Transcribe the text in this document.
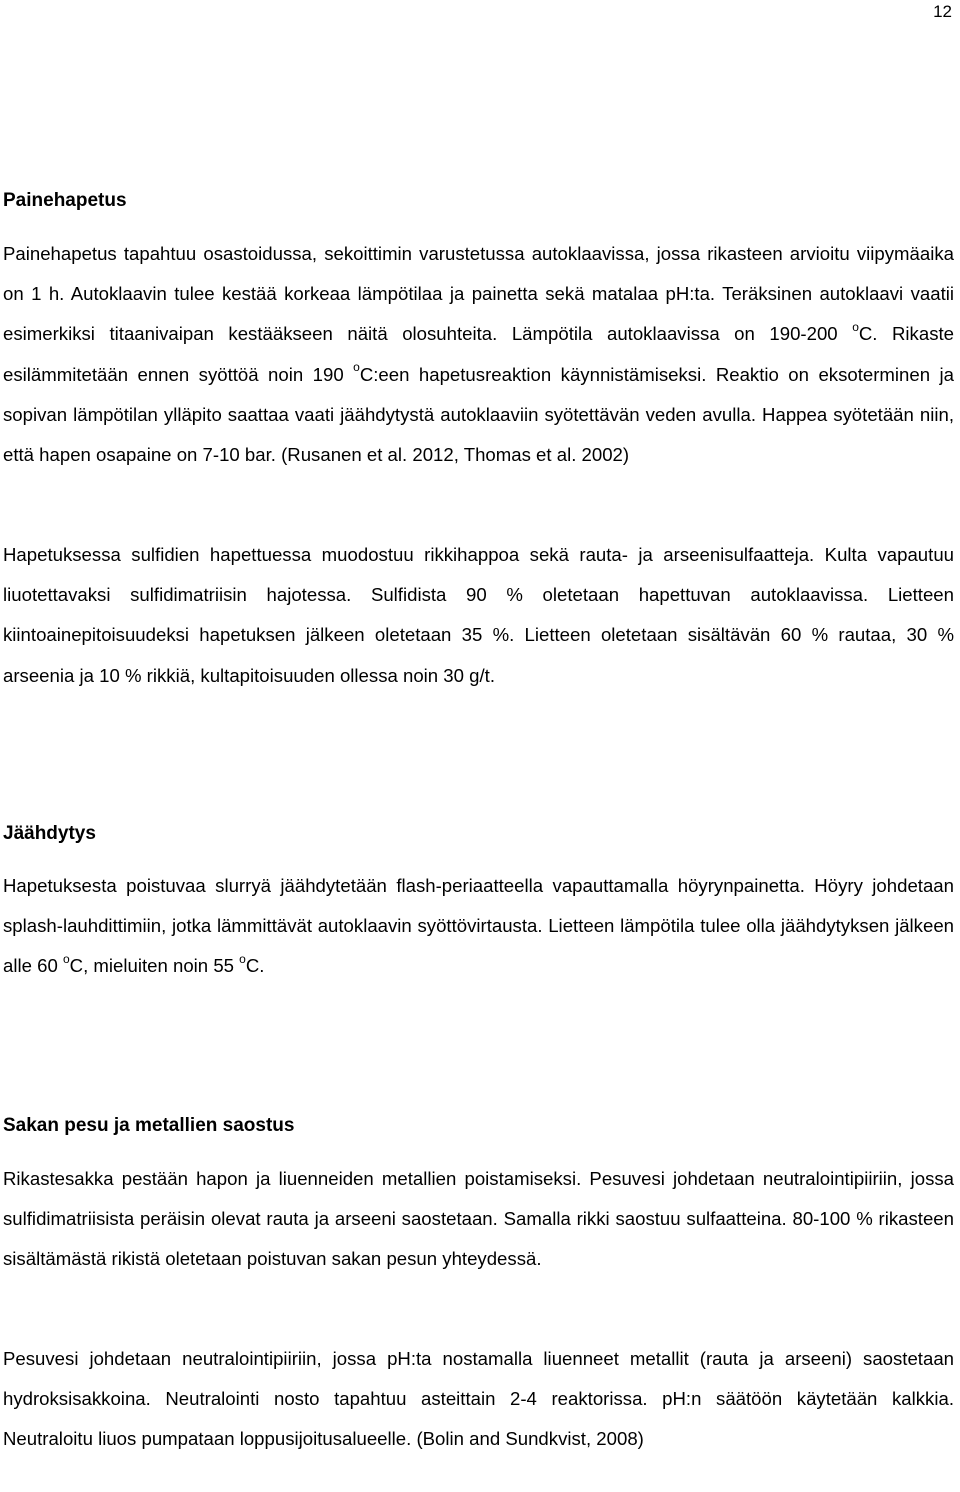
12
Painehapetus

Painehapetus tapahtuu osastoidussa, sekoittimin varustetussa autoklaavissa, jossa rikasteen arvioitu viipymäaika on 1 h. Autoklaavin tulee kestää korkeaa lämpötilaa ja painetta sekä matalaa pH:ta. Teräksinen autoklaavi vaatii esimerkiksi titaanivaipan kestääkseen näitä olosuhteita. Lämpötila autoklaavissa on 190-200 $^o$C. Rikaste esilämmitetään ennen syöttöä noin 190 $^o$C:een hapetusreaktion käynnistämiseksi. Reaktio on eksoterminen ja sopivan lämpötilan ylläpito saattaa vaati jäähdytystä autoklaaviin syötettävän veden avulla. Happea syötetään niin, että hapen osapaine on 7-10 bar. (Rusanen et al. 2012, Thomas et al. 2002)

Hapetuksessa sulfidien hapettuessa muodostuu rikkihappoa sekä rauta- ja arseenisulfaatteja. Kulta vapautuu liuotettavaksi sulfidimatriisin hajotessa. Sulfidista 90 % oletetaan hapettuvan autoklaavissa. Lietteen kiintoainepitoisuudeksi hapetuksen jälkeen oletetaan 35 %. Lietteen oletetaan sisältävän 60 % rautaa, 30 % arseenia ja 10 % rikkiä, kultapitoisuuden ollessa noin 30 g/t.

Jäähdytys

Hapetuksesta poistuvaa slurryä jäähdytetään flash-periaatteella vapauttamalla höyrynpainetta. Höyry johdetaan splash-lauhdittimiin, jotka lämmittävät autoklaavin syöttövirtausta. Lietteen lämpötila tulee olla jäähdytyksen jälkeen alle 60 $^o$C, mieluiten noin 55 $^o$C.

Sakan pesu ja metallien saostus

Rikastesakka pestään hapon ja liuenneiden metallien poistamiseksi. Pesuvesi johdetaan neutralointipiiriin, jossa sulfidimatriisista peräisin olevat rauta ja arseeni saostetaan. Samalla rikki saostuu sulfaatteina. 80-100 % rikasteen sisältämästä rikistä oletetaan poistuvan sakan pesun yhteydessä.

Pesuvesi johdetaan neutralointipiiriin, jossa pH:ta nostamalla liuenneet metallit (rauta ja arseeni) saostetaan hydroksisakkoina. Neutralointi nosto tapahtuu asteittain 2-4 reaktorissa. pH:n säätöön käytetään kalkkia. Neutraloitu liuos pumpataan loppusijoitusalueelle. (Bolin and Sundkvist, 2008)
